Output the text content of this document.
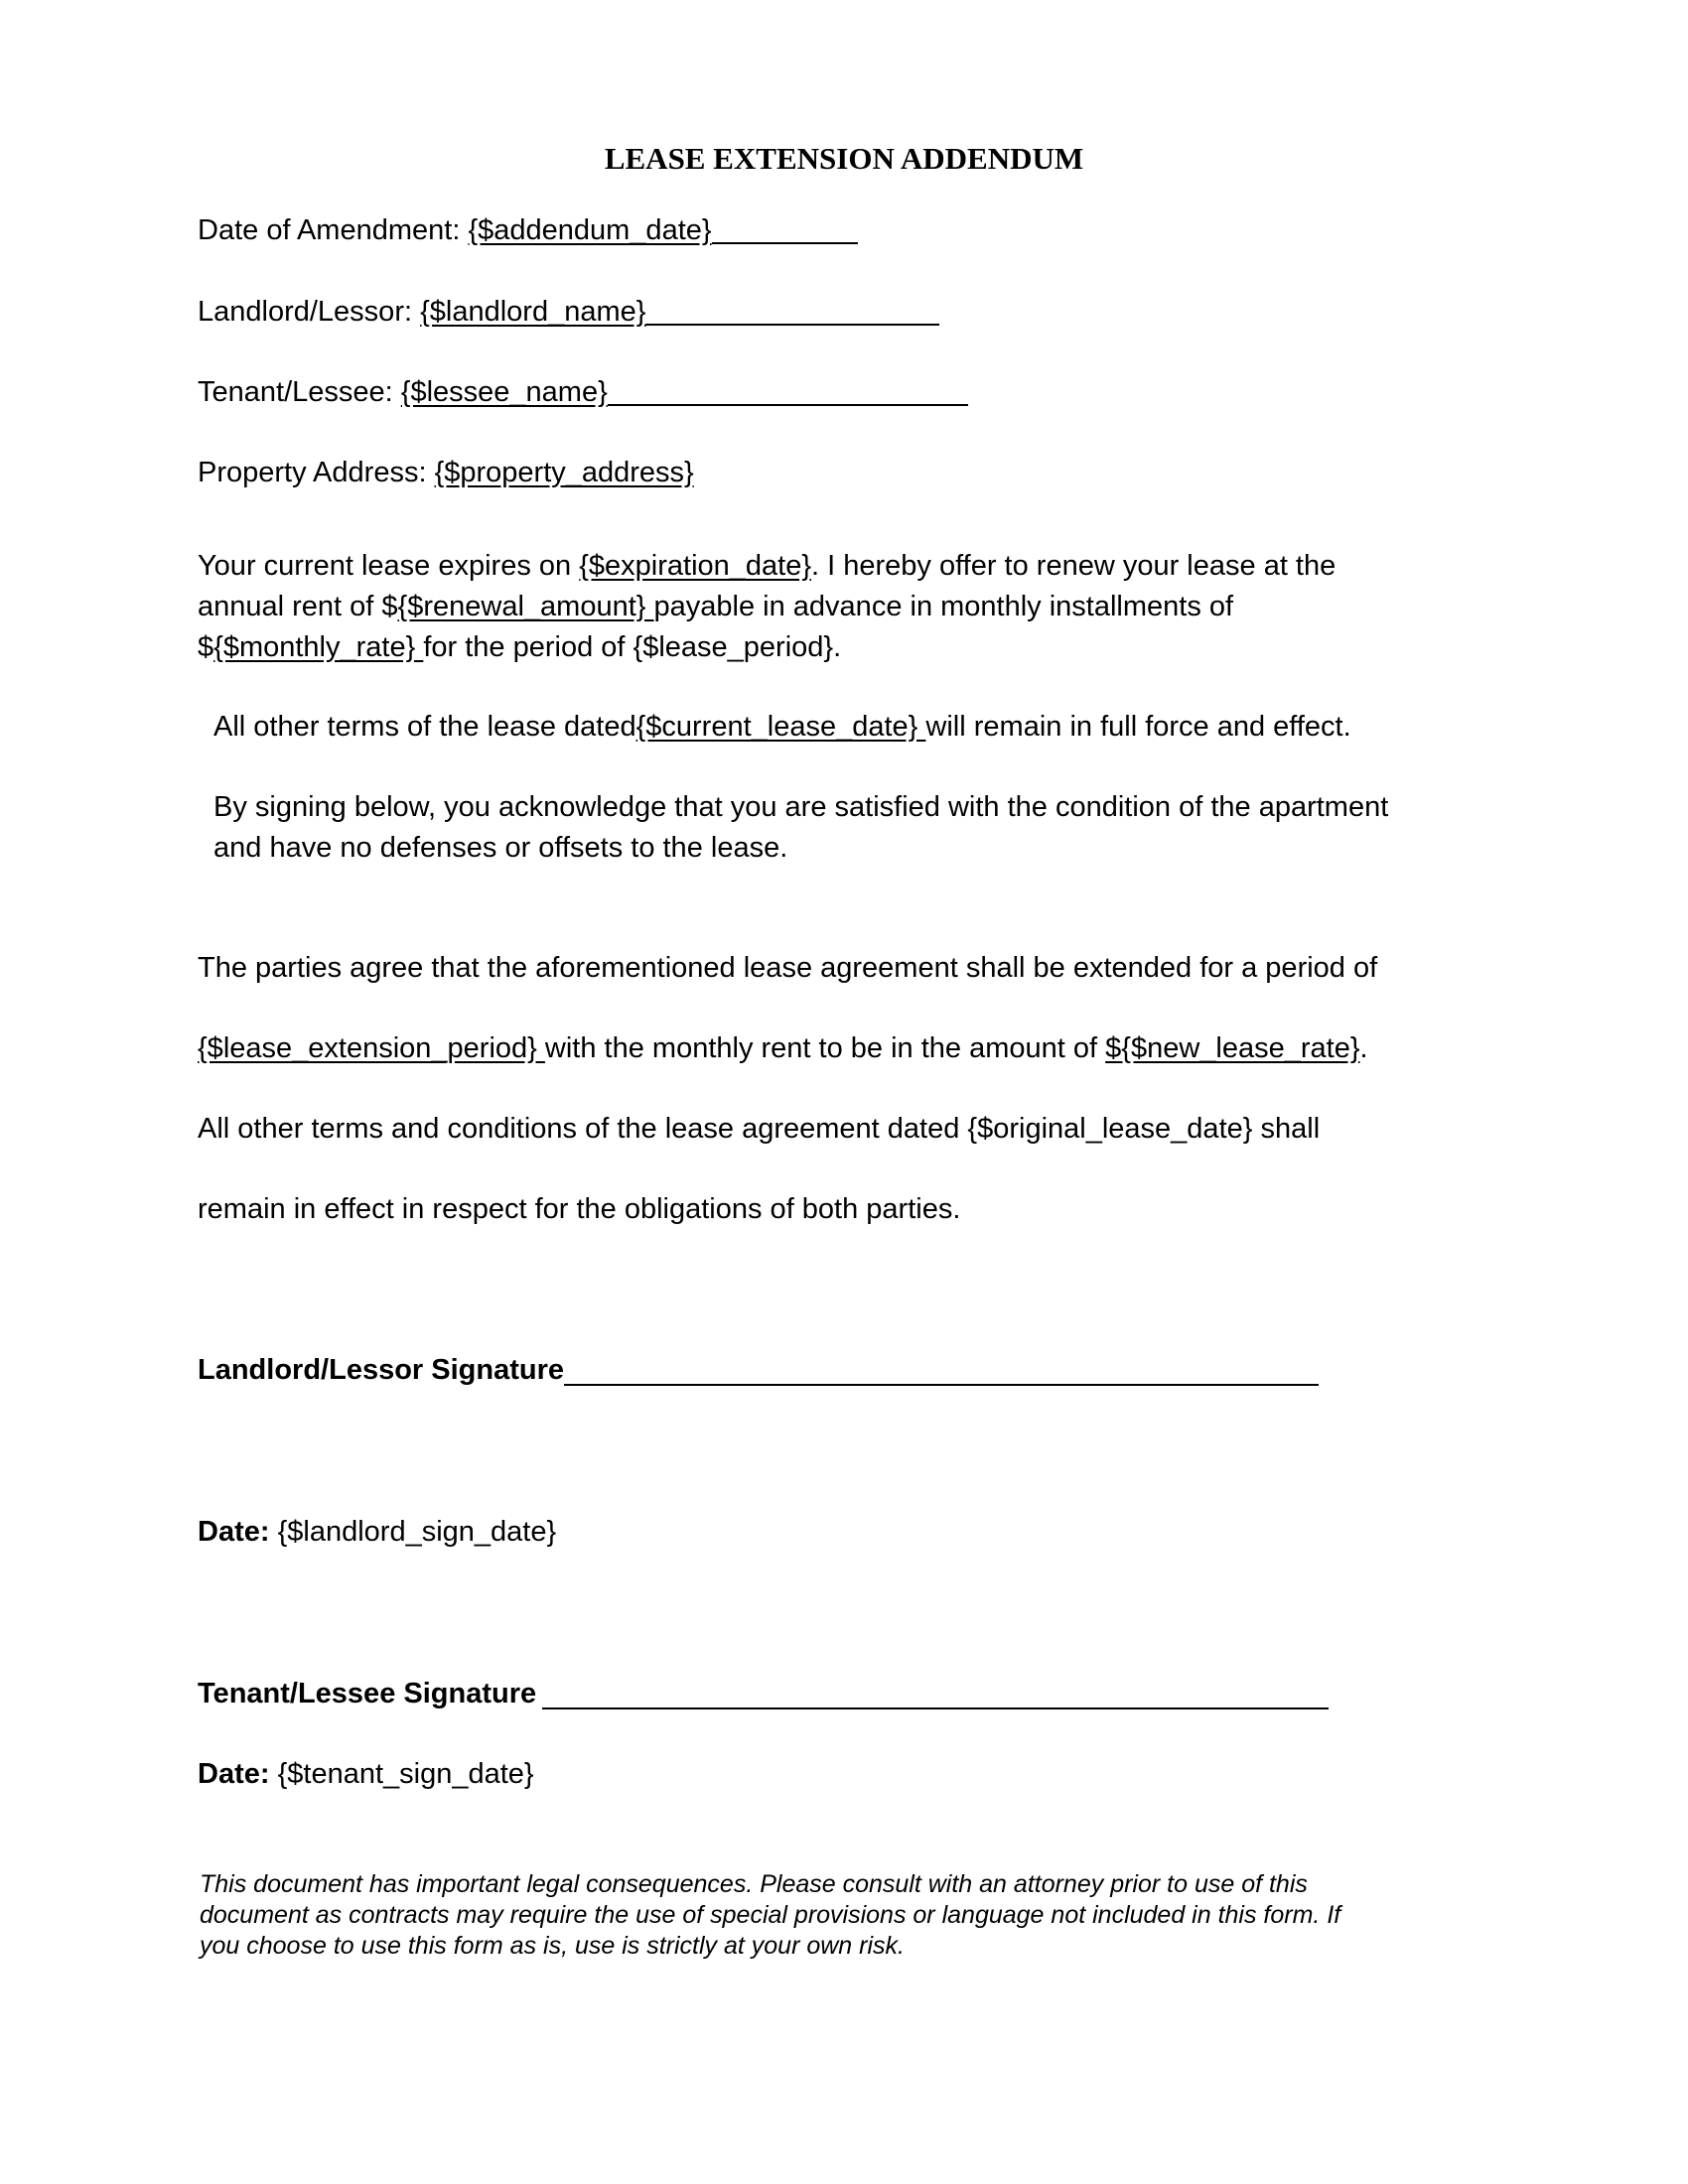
LEASE EXTENSION ADDENDUM
Date of Amendment: {$addendum_date}
Landlord/Lessor: {$landlord_name}
Tenant/Lessee: {$lessee_name}
Property Address: {$property_address}
Your current lease expires on {$expiration_date}. I hereby offer to renew your lease at the
annual rent of ${$renewal_amount} payable in advance in monthly installments of
${$monthly_rate} for the period of {$lease_period}.
All other terms of the lease dated{$current_lease_date} will remain in full force and effect.
By signing below, you acknowledge that you are satisfied with the condition of the apartment
and have no defenses or offsets to the lease.
The parties agree that the aforementioned lease agreement shall be extended for a period of
{$lease_extension_period} with the monthly rent to be in the amount of ${$new_lease_rate}.
All other terms and conditions of the lease agreement dated {$original_lease_date} shall
remain in effect in respect for the obligations of both parties.
Landlord/Lessor Signature
Date: {$landlord_sign_date}
Tenant/Lessee Signature
Date: {$tenant_sign_date}
This document has important legal consequences. Please consult with an attorney prior to use of this
document as contracts may require the use of special provisions or language not included in this form. If
you choose to use this form as is, use is strictly at your own risk.
